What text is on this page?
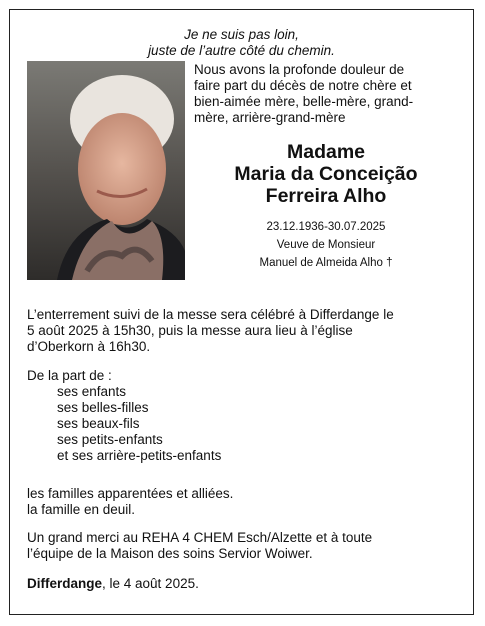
Je ne suis pas loin,
juste de l’autre côté du chemin.
Nous avons la profonde douleur de
faire part du décès de notre chère et
bien-aimée mère, belle-mère, grand-
mère, arrière-grand-mère
Madame
Maria da Conceição
Ferreira Alho
23.12.1936-30.07.2025
Veuve de Monsieur
Manuel de Almeida Alho †
L’enterrement suivi de la messe sera célébré à Differdange le
5 août 2025 à 15h30, puis la messe aura lieu à l’église
d’Oberkorn à 16h30.
De la part de :
ses enfants
ses belles-filles
ses beaux-fils
ses petits-enfants
et ses arrière-petits-enfants
les familles apparentées et alliées.
la famille en deuil.
Un grand merci au REHA 4 CHEM Esch/Alzette et à toute
l’équipe de la Maison des soins Servior Woiwer.
Differdange, le 4 août 2025.
